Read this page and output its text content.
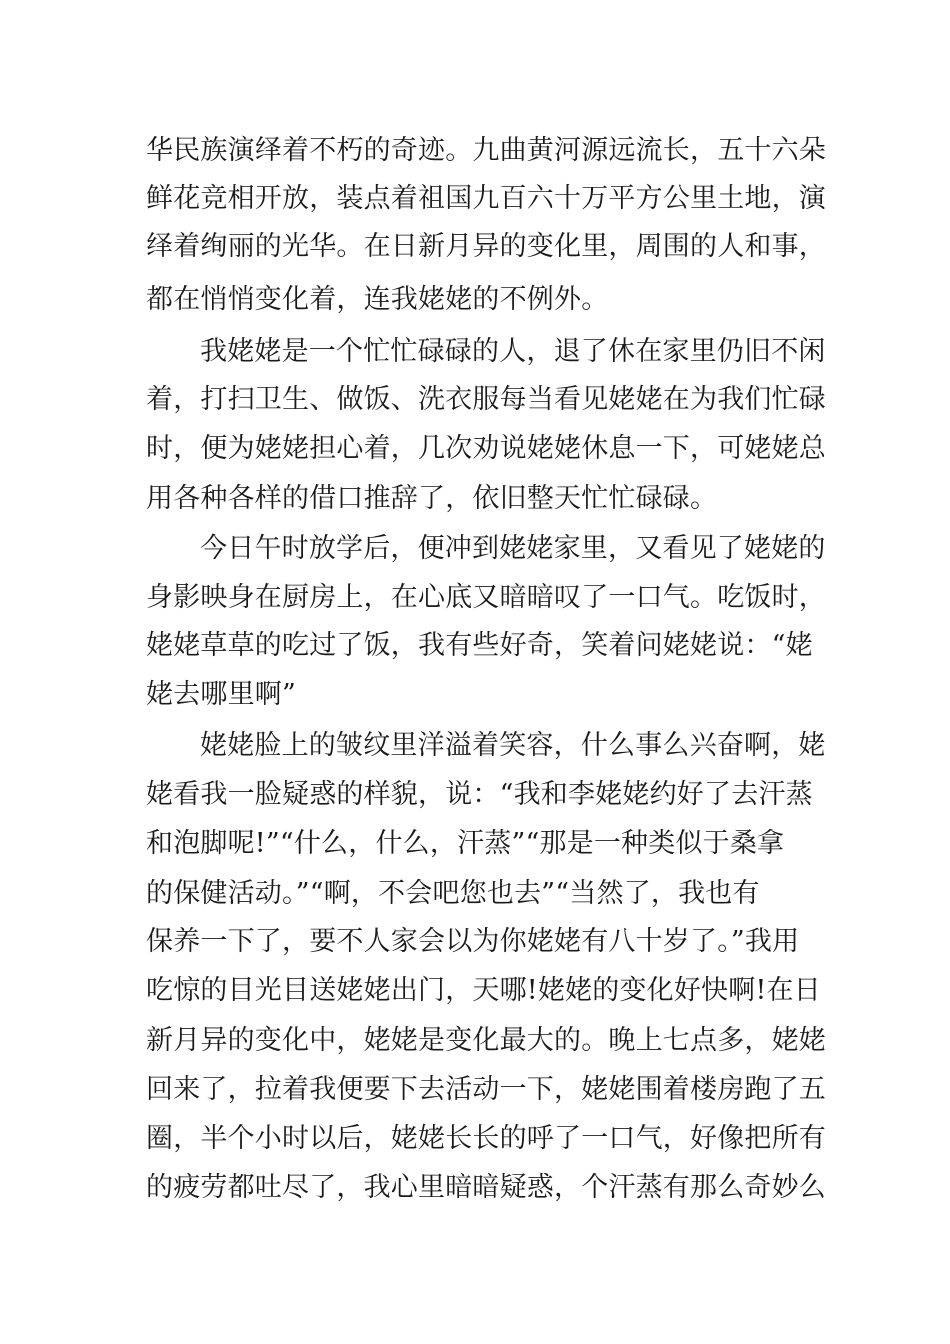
华民族演绎着不朽的奇迹。九曲黄河源远流长，五十六朵
鲜花竞相开放，装点着祖国九百六十万平方公里土地，演
绎着绚丽的光华。在日新月异的变化里，周围的人和事，
都在悄悄变化着，连我姥姥的不例外。
我姥姥是一个忙忙碌碌的人，退了休在家里仍旧不闲
着，打扫卫生、做饭、洗衣服每当看见姥姥在为我们忙碌
时，便为姥姥担心着，几次劝说姥姥休息一下，可姥姥总
用各种各样的借口推辞了，依旧整天忙忙碌碌。
今日午时放学后，便冲到姥姥家里，又看见了姥姥的
身影映身在厨房上，在心底又暗暗叹了一口气。吃饭时，
姥姥草草的吃过了饭，我有些好奇，笑着问姥姥说：“姥
姥去哪里啊”
姥姥脸上的皱纹里洋溢着笑容，什么事么兴奋啊，姥
姥看我一脸疑惑的样貌，说：“我和李姥姥约好了去汗蒸
和泡脚呢!”“什么，什么，汗蒸”“那是一种类似于桑拿
的保健活动。”“啊，不会吧您也去”“当然了，我也有
保养一下了，要不人家会以为你姥姥有八十岁了。”我用
吃惊的目光目送姥姥出门，天哪!姥姥的变化好快啊!在日
新月异的变化中，姥姥是变化最大的。晚上七点多，姥姥
回来了，拉着我便要下去活动一下，姥姥围着楼房跑了五
圈，半个小时以后，姥姥长长的呼了一口气，好像把所有
的疲劳都吐尽了，我心里暗暗疑惑，个汗蒸有那么奇妙么
